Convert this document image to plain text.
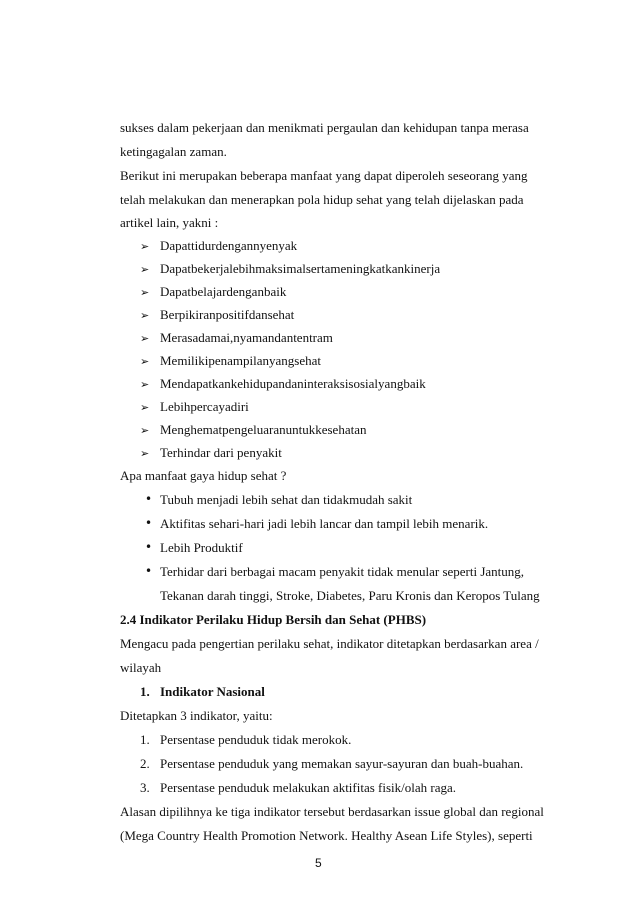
sukses dalam pekerjaan dan menikmati pergaulan dan kehidupan tanpa merasa
ketingagalan zaman.
Berikut ini merupakan beberapa manfaat yang dapat diperoleh seseorang yang
telah melakukan dan menerapkan pola hidup sehat yang telah dijelaskan pada
artikel lain, yakni :
➢ Dapattidurdengannyenyak
➢ Dapatbekerjalebihmaksimalsertameningkatkankinerja
➢ Dapatbelajardenganbaik
➢ Berpikiranpositifdansehat
➢ Merasadamai,nyamandantentram
➢ Memilikipenampilanyangsehat
➢ Mendapatkankehidupandaninteraksisosialyangbaik
➢ Lebihpercayadiri
➢ Menghematpengeluaranuntukkesehatan
➢ Terhindar dari penyakit
Apa manfaat gaya hidup sehat ?
• Tubuh menjadi lebih sehat dan tidakmudah sakit
• Aktifitas sehari-hari jadi lebih lancar dan tampil lebih menarik.
• Lebih Produktif
• Terhidar dari berbagai macam penyakit tidak menular seperti Jantung,
Tekanan darah tinggi, Stroke, Diabetes, Paru Kronis dan Keropos Tulang
2.4 Indikator Perilaku Hidup Bersih dan Sehat (PHBS)
Mengacu pada pengertian perilaku sehat, indikator ditetapkan berdasarkan area /
wilayah
1. Indikator Nasional
Ditetapkan 3 indikator, yaitu:
1. Persentase penduduk tidak merokok.
2. Persentase penduduk yang memakan sayur-sayuran dan buah-buahan.
3. Persentase penduduk melakukan aktifitas fisik/olah raga.
Alasan dipilihnya ke tiga indikator tersebut berdasarkan issue global dan regional
(Mega Country Health Promotion Network. Healthy Asean Life Styles), seperti
5
